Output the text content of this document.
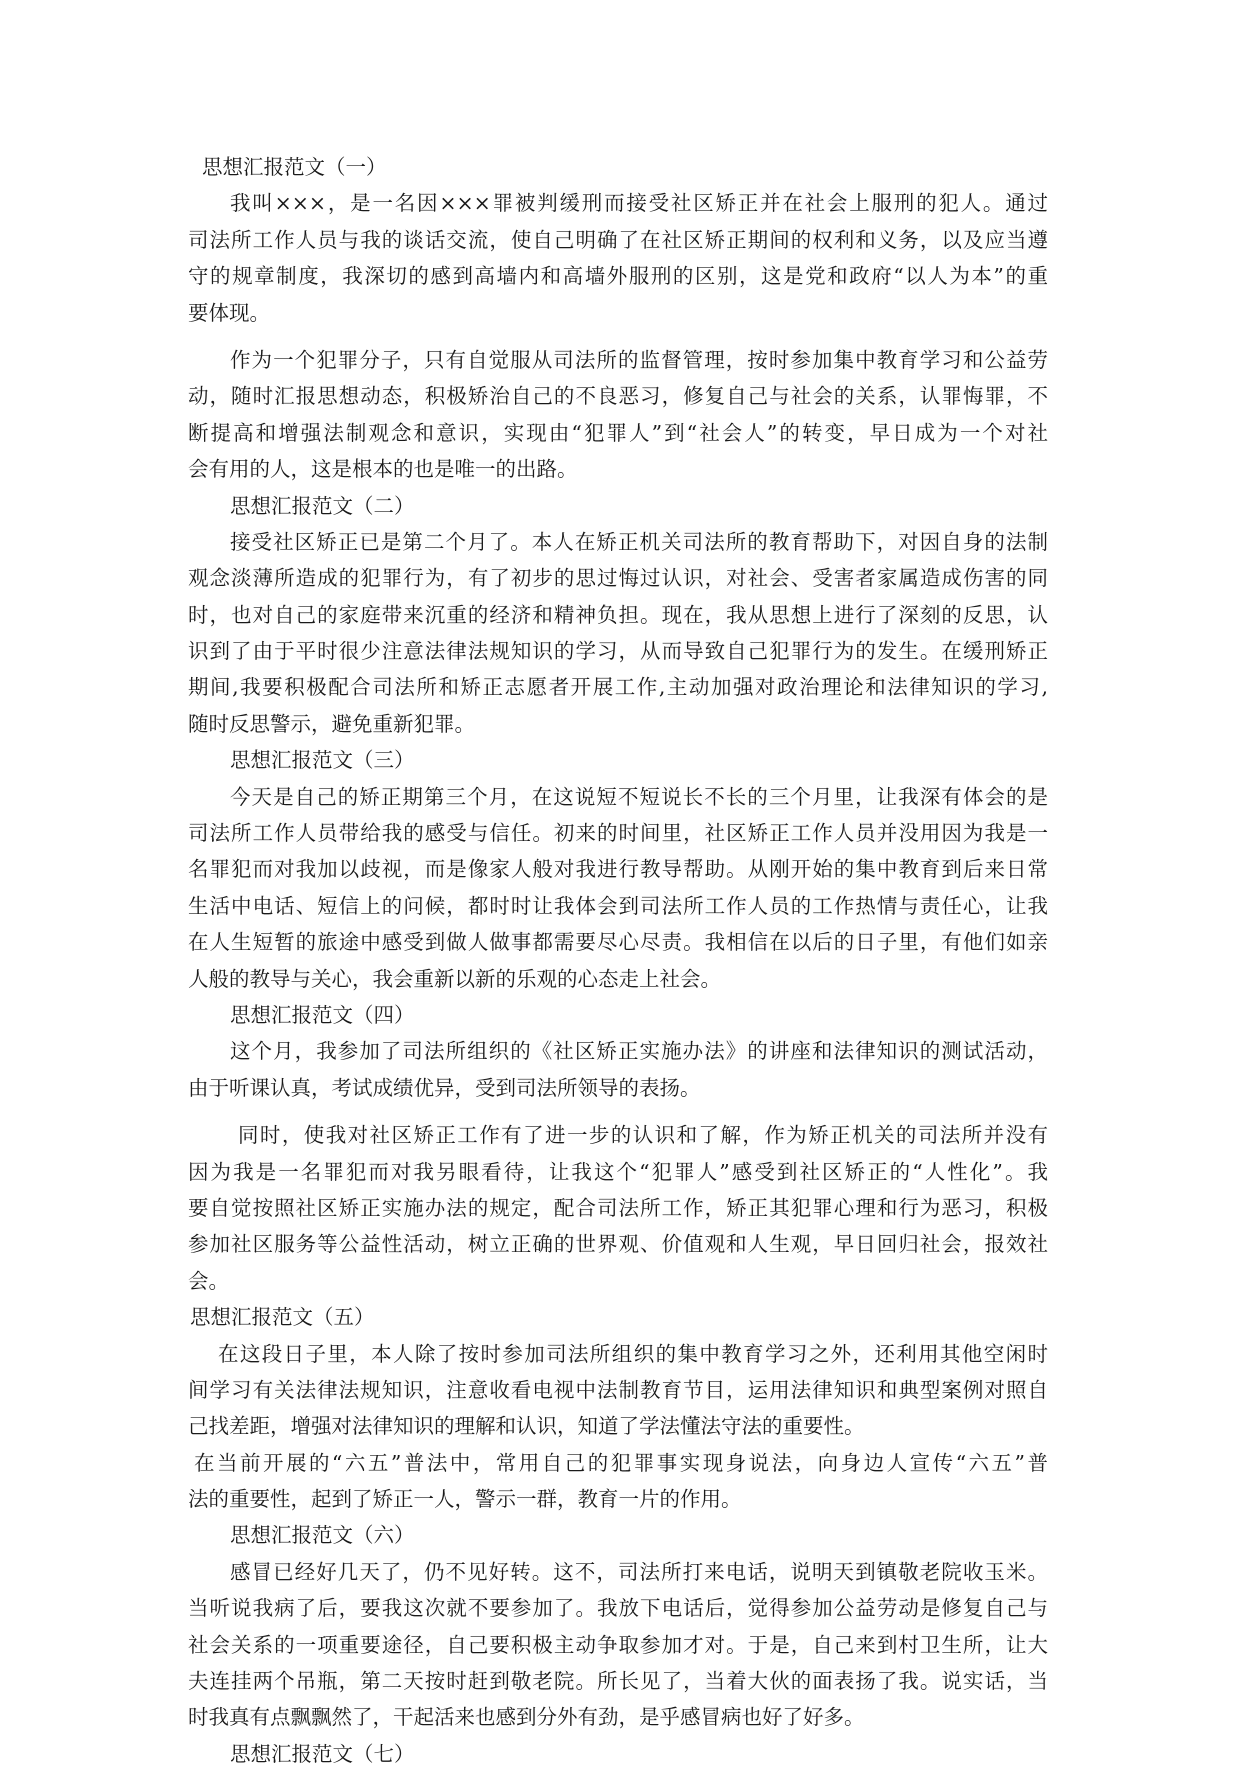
思想汇报范文（一）
我叫×××，是一名因×××罪被判缓刑而接受社区矫正并在社会上服刑的犯人。通过
司法所工作人员与我的谈话交流，使自己明确了在社区矫正期间的权利和义务，以及应当遵
守的规章制度，我深切的感到高墙内和高墙外服刑的区别，这是党和政府“以人为本”的重
要体现。
作为一个犯罪分子，只有自觉服从司法所的监督管理，按时参加集中教育学习和公益劳
动，随时汇报思想动态，积极矫治自己的不良恶习，修复自己与社会的关系，认罪悔罪，不
断提高和增强法制观念和意识，实现由“犯罪人”到“社会人”的转变，早日成为一个对社
会有用的人，这是根本的也是唯一的出路。
思想汇报范文（二）
接受社区矫正已是第二个月了。本人在矫正机关司法所的教育帮助下，对因自身的法制
观念淡薄所造成的犯罪行为，有了初步的思过悔过认识，对社会、受害者家属造成伤害的同
时，也对自己的家庭带来沉重的经济和精神负担。现在，我从思想上进行了深刻的反思，认
识到了由于平时很少注意法律法规知识的学习，从而导致自己犯罪行为的发生。在缓刑矫正
期间,我要积极配合司法所和矫正志愿者开展工作,主动加强对政治理论和法律知识的学习,
随时反思警示，避免重新犯罪。
思想汇报范文（三）
今天是自己的矫正期第三个月，在这说短不短说长不长的三个月里，让我深有体会的是
司法所工作人员带给我的感受与信任。初来的时间里，社区矫正工作人员并没用因为我是一
名罪犯而对我加以歧视，而是像家人般对我进行教导帮助。从刚开始的集中教育到后来日常
生活中电话、短信上的问候，都时时让我体会到司法所工作人员的工作热情与责任心，让我
在人生短暂的旅途中感受到做人做事都需要尽心尽责。我相信在以后的日子里，有他们如亲
人般的教导与关心，我会重新以新的乐观的心态走上社会。
思想汇报范文（四）
这个月，我参加了司法所组织的《社区矫正实施办法》的讲座和法律知识的测试活动，
由于听课认真，考试成绩优异，受到司法所领导的表扬。
同时，使我对社区矫正工作有了进一步的认识和了解，作为矫正机关的司法所并没有
因为我是一名罪犯而对我另眼看待，让我这个“犯罪人”感受到社区矫正的“人性化”。我
要自觉按照社区矫正实施办法的规定，配合司法所工作，矫正其犯罪心理和行为恶习，积极
参加社区服务等公益性活动，树立正确的世界观、价值观和人生观，早日回归社会，报效社
会。
思想汇报范文（五）
在这段日子里，本人除了按时参加司法所组织的集中教育学习之外，还利用其他空闲时
间学习有关法律法规知识，注意收看电视中法制教育节目，运用法律知识和典型案例对照自
己找差距，增强对法律知识的理解和认识，知道了学法懂法守法的重要性。
在当前开展的“六五”普法中，常用自己的犯罪事实现身说法，向身边人宣传“六五”普
法的重要性，起到了矫正一人，警示一群，教育一片的作用。
思想汇报范文（六）
感冒已经好几天了，仍不见好转。这不，司法所打来电话，说明天到镇敬老院收玉米。
当听说我病了后，要我这次就不要参加了。我放下电话后，觉得参加公益劳动是修复自己与
社会关系的一项重要途径，自己要积极主动争取参加才对。于是，自己来到村卫生所，让大
夫连挂两个吊瓶，第二天按时赶到敬老院。所长见了，当着大伙的面表扬了我。说实话，当
时我真有点飘飘然了，干起活来也感到分外有劲，是乎感冒病也好了好多。
思想汇报范文（七）
